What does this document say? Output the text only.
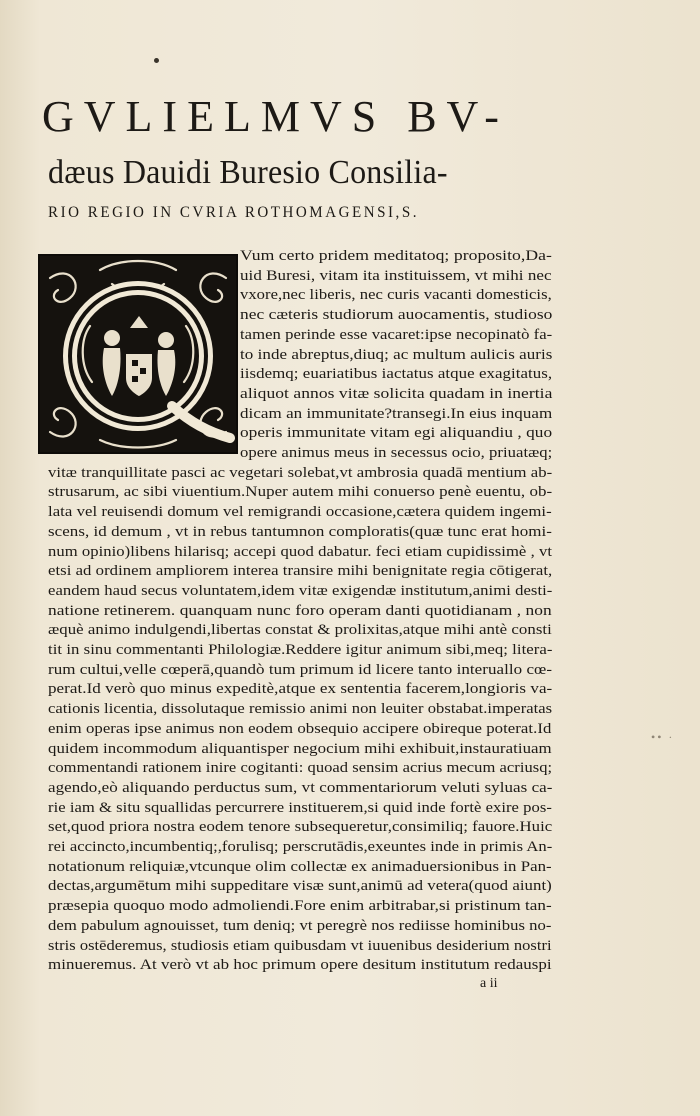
GVLIELMVS BV-
dæus Dauidi Buresio Consilia-
RIO REGIO IN CVRIA ROTHOMAGENSI,S.
Vum certo pridem meditatoq; proposito,Da-
uid Buresi, vitam ita instituissem, vt mihi nec
vxore,nec liberis, nec curis vacanti domesticis,
nec cæteris studiorum auocamentis, studioso
tamen perinde esse vacaret:ipse necopinatò fa-
to inde abreptus,diuq; ac multum aulicis auris
iisdemq; euariatibus iactatus atque exagitatus,
aliquot annos vitæ solicita quadam in inertia
dicam an immunitate?transegi.In eius inquam
operis immunitate vitam egi aliquandiu , quo
opere animus meus in secessus ocio, priuatæq;
vitæ tranquillitate pasci ac vegetari solebat,vt ambrosia quadā mentium ab-
strusarum, ac sibi viuentium.Nuper autem mihi conuerso penè euentu, ob-
lata vel reuisendi domum vel remigrandi occasione,cætera quidem ingemi-
scens, id demum , vt in rebus tantumnon comploratis(quæ tunc erat homi-
num opinio)libens hilarisq; accepi quod dabatur. feci etiam cupidissimè , vt
etsi ad ordinem ampliorem interea transire mihi benignitate regia cōtigerat,
eandem haud secus voluntatem,idem vitæ exigendæ institutum,animi desti-
natione retinerem. quanquam nunc foro operam danti quotidianam , non
æquè animo indulgendi,libertas constat & prolixitas,atque mihi antè consti
tit in sinu commentanti Philologiæ.Reddere igitur animum sibi,meq; litera-
rum cultui,velle cœperā,quandò tum primum id licere tanto interuallo cœ-
perat.Id verò quo minus expeditè,atque ex sententia facerem,longioris va-
cationis licentia, dissolutaque remissio animi non leuiter obstabat.imperatas
enim operas ipse animus non eodem obsequio accipere obireque poterat.Id
quidem incommodum aliquantisper negocium mihi exhibuit,instauratiuam
commentandi rationem inire cogitanti: quoad sensim acrius mecum acriusq;
agendo,eò aliquando perductus sum, vt commentariorum veluti syluas ca-
rie iam & situ squallidas percurrere instituerem,si quid inde fortè exire pos-
set,quod priora nostra eodem tenore subsequeretur,consimiliq; fauore.Huic
rei accincto,incumbentiq;,forulisq; perscrutādis,exeuntes inde in primis An-
notationum reliquiæ,vtcunque olim collectæ ex animaduersionibus in Pan-
dectas,argumētum mihi suppeditare visæ sunt,animū ad vetera(quod aiunt)
præsepia quoquo modo admoliendi.Fore enim arbitrabar,si pristinum tan-
dem pabulum agnouisset, tum deniq; vt peregrè nos rediisse hominibus no-
stris ostēderemus, studiosis etiam quibusdam vt iuuenibus desiderium nostri
minueremus. At verò vt ab hoc primum opere desitum institutum redauspi
a ii
•• ·
